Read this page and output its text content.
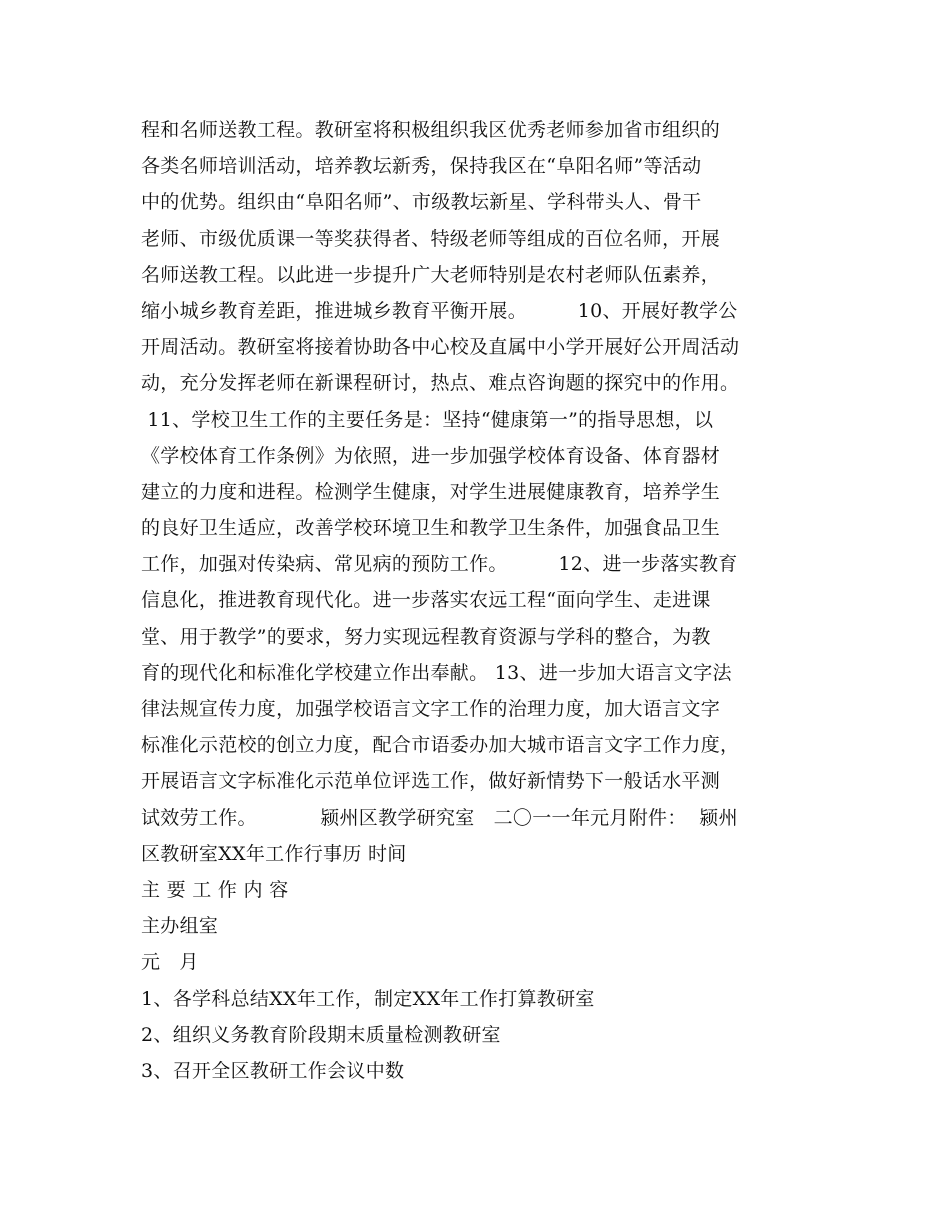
程和名师送教工程。教研室将积极组织我区优秀老师参加省市组织的
各类名师培训活动，培养教坛新秀，保持我区在“阜阳名师”等活动
中的优势。组织由“阜阳名师”、市级教坛新星、学科带头人、骨干
老师、市级优质课一等奖获得者、特级老师等组成的百位名师，开展
名师送教工程。以此进一步提升广大老师特别是农村老师队伍素养，
缩小城乡教育差距，推进城乡教育平衡开展。        10、开展好教学公
开周活动。教研室将接着协助各中心校及直属中小学开展好公开周活动
动，充分发挥老师在新课程研讨，热点、难点咨询题的探究中的作用。
11、学校卫生工作的主要任务是：坚持“健康第一”的指导思想，以
《学校体育工作条例》为依照，进一步加强学校体育设备、体育器材
建立的力度和进程。检测学生健康，对学生进展健康教育，培养学生
的良好卫生适应，改善学校环境卫生和教学卫生条件，加强食品卫生
工作，加强对传染病、常见病的预防工作。        12、进一步落实教育
信息化，推进教育现代化。进一步落实农远工程“面向学生、走进课
堂、用于教学”的要求，努力实现远程教育资源与学科的整合，为教
育的现代化和标准化学校建立作出奉献。 13、进一步加大语言文字法
律法规宣传力度，加强学校语言文字工作的治理力度，加大语言文字
标准化示范校的创立力度，配合市语委办加大城市语言文字工作力度，
开展语言文字标准化示范单位评选工作，做好新情势下一般话水平测
试效劳工作。          颍州区教学研究室   二〇一一年元月附件：  颍州
区教研室XX年工作行事历 时间
主 要 工 作 内 容
主办组室
元   月
1、各学科总结XX年工作，制定XX年工作打算教研室
2、组织义务教育阶段期末质量检测教研室
3、召开全区教研工作会议中数
